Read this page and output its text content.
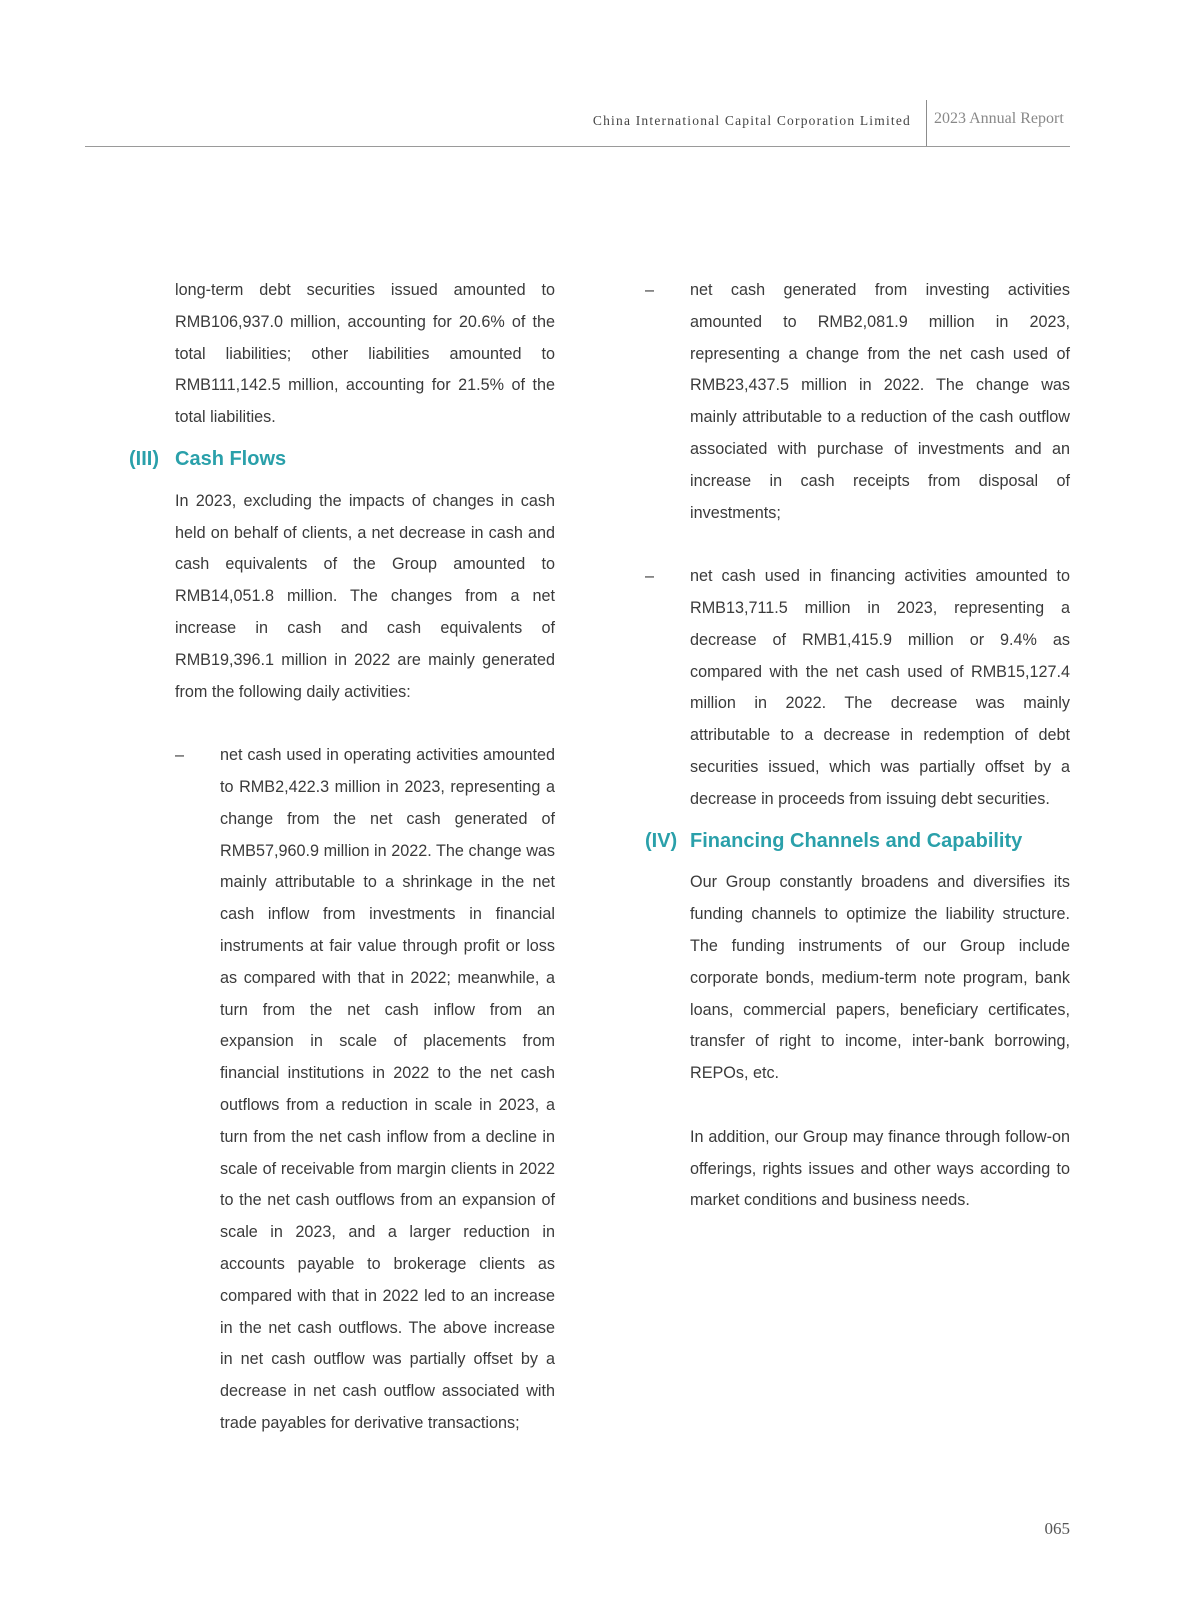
China International Capital Corporation Limited 2023 Annual Report

long-term debt securities issued amounted to RMB106,937.0 million, accounting for 20.6% of the total liabilities; other liabilities amounted to RMB111,142.5 million, accounting for 21.5% of the total liabilities.

(III) Cash Flows

In 2023, excluding the impacts of changes in cash held on behalf of clients, a net decrease in cash and cash equivalents of the Group amounted to RMB14,051.8 million. The changes from a net increase in cash and cash equivalents of RMB19,396.1 million in 2022 are mainly generated from the following daily activities:

– net cash used in operating activities amounted to RMB2,422.3 million in 2023, representing a change from the net cash generated of RMB57,960.9 million in 2022. The change was mainly attributable to a shrinkage in the net cash inflow from investments in financial instruments at fair value through profit or loss as compared with that in 2022; meanwhile, a turn from the net cash inflow from an expansion in scale of placements from financial institutions in 2022 to the net cash outflows from a reduction in scale in 2023, a turn from the net cash inflow from a decline in scale of receivable from margin clients in 2022 to the net cash outflows from an expansion of scale in 2023, and a larger reduction in accounts payable to brokerage clients as compared with that in 2022 led to an increase in the net cash outflows. The above increase in net cash outflow was partially offset by a decrease in net cash outflow associated with trade payables for derivative transactions;

– net cash generated from investing activities amounted to RMB2,081.9 million in 2023, representing a change from the net cash used of RMB23,437.5 million in 2022. The change was mainly attributable to a reduction of the cash outflow associated with purchase of investments and an increase in cash receipts from disposal of investments;

– net cash used in financing activities amounted to RMB13,711.5 million in 2023, representing a decrease of RMB1,415.9 million or 9.4% as compared with the net cash used of RMB15,127.4 million in 2022. The decrease was mainly attributable to a decrease in redemption of debt securities issued, which was partially offset by a decrease in proceeds from issuing debt securities.

(IV) Financing Channels and Capability

Our Group constantly broadens and diversifies its funding channels to optimize the liability structure. The funding instruments of our Group include corporate bonds, medium-term note program, bank loans, commercial papers, beneficiary certificates, transfer of right to income, inter-bank borrowing, REPOs, etc.

In addition, our Group may finance through follow-on offerings, rights issues and other ways according to market conditions and business needs.

065
